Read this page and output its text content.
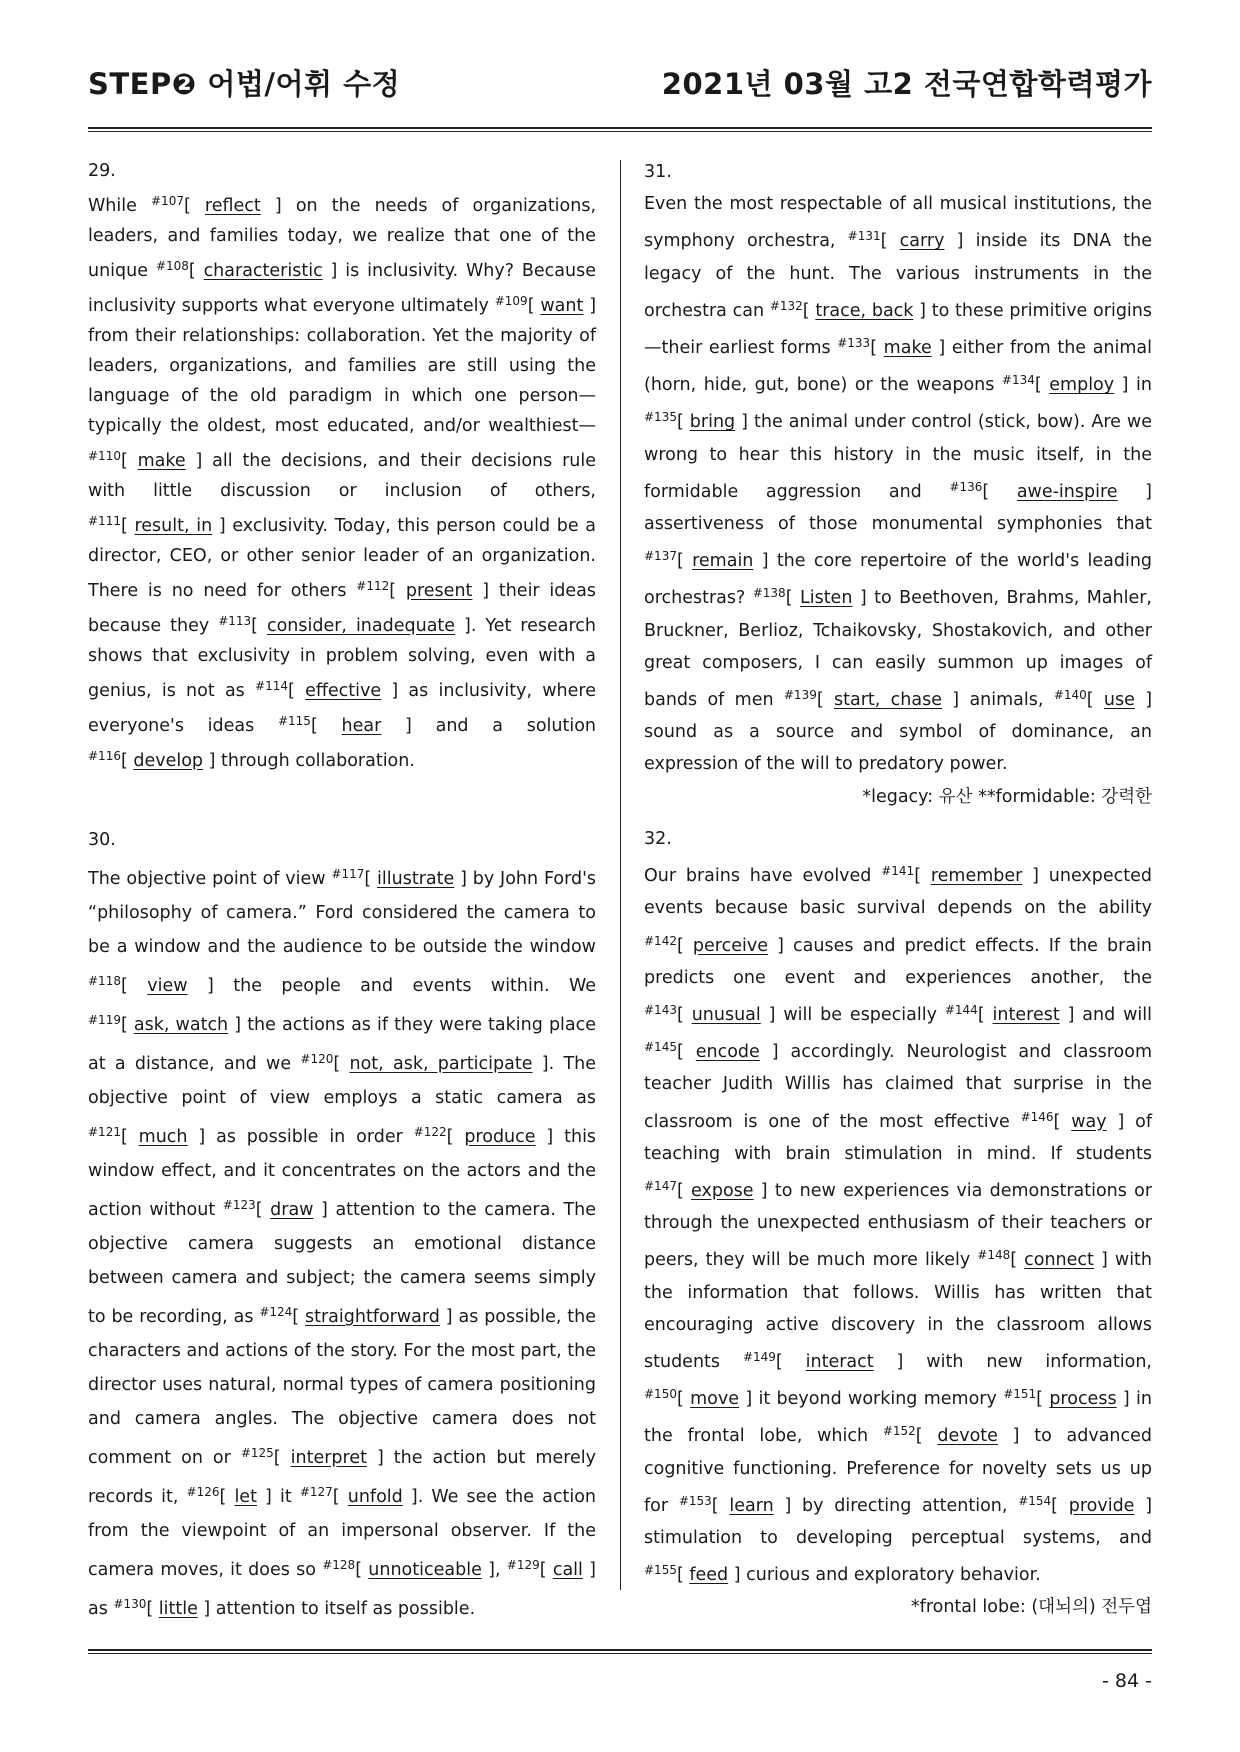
STEP❷ 어법/어휘 수정	2021년 03월 고2 전국연합학력평가
29.

While $^{\#107}$[ reflect ] on the needs of organizations, leaders, and families today, we realize that one of the unique $^{\#108}$[ characteristic ] is inclusivity. Why? Because inclusivity supports what everyone ultimately $^{\#109}$[ want ] from their relationships: collaboration. Yet the majority of leaders, organizations, and families are still using the language of the old paradigm in which one person—typically the oldest, most educated, and/or wealthiest—$^{\#110}$[ make ] all the decisions, and their decisions rule with little discussion or inclusion of others, $^{\#111}$[ result, in ] exclusivity. Today, this person could be a director, CEO, or other senior leader of an organization. There is no need for others $^{\#112}$[ present ] their ideas because they $^{\#113}$[ consider, inadequate ]. Yet research shows that exclusivity in problem solving, even with a genius, is not as $^{\#114}$[ effective ] as inclusivity, where everyone's ideas $^{\#115}$[ hear ] and a solution $^{\#116}$[ develop ] through collaboration.

30.

The objective point of view $^{\#117}$[ illustrate ] by John Ford's “philosophy of camera.” Ford considered the camera to be a window and the audience to be outside the window $^{\#118}$[ view ] the people and events within. We $^{\#119}$[ ask, watch ] the actions as if they were taking place at a distance, and we $^{\#120}$[ not, ask, participate ]. The objective point of view employs a static camera as $^{\#121}$[ much ] as possible in order $^{\#122}$[ produce ] this window effect, and it concentrates on the actors and the action without $^{\#123}$[ draw ] attention to the camera. The objective camera suggests an emotional distance between camera and subject; the camera seems simply to be recording, as $^{\#124}$[ straightforward ] as possible, the characters and actions of the story. For the most part, the director uses natural, normal types of camera positioning and camera angles. The objective camera does not comment on or $^{\#125}$[ interpret ] the action but merely records it, $^{\#126}$[ let ] it $^{\#127}$[ unfold ]. We see the action from the viewpoint of an impersonal observer. If the camera moves, it does so $^{\#128}$[ unnoticeable ], $^{\#129}$[ call ] as $^{\#130}$[ little ] attention to itself as possible.

31.

Even the most respectable of all musical institutions, the symphony orchestra, $^{\#131}$[ carry ] inside its DNA the legacy of the hunt. The various instruments in the orchestra can $^{\#132}$[ trace, back ] to these primitive origins—their earliest forms $^{\#133}$[ make ] either from the animal (horn, hide, gut, bone) or the weapons $^{\#134}$[ employ ] in $^{\#135}$[ bring ] the animal under control (stick, bow). Are we wrong to hear this history in the music itself, in the formidable aggression and $^{\#136}$[ awe-inspire ] assertiveness of those monumental symphonies that $^{\#137}$[ remain ] the core repertoire of the world's leading orchestras? $^{\#138}$[ Listen ] to Beethoven, Brahms, Mahler, Bruckner, Berlioz, Tchaikovsky, Shostakovich, and other great composers, I can easily summon up images of bands of men $^{\#139}$[ start, chase ] animals, $^{\#140}$[ use ] sound as a source and symbol of dominance, an expression of the will to predatory power.

*legacy: 유산 **formidable: 강력한
32.

Our brains have evolved $^{\#141}$[ remember ] unexpected events because basic survival depends on the ability $^{\#142}$[ perceive ] causes and predict effects. If the brain predicts one event and experiences another, the $^{\#143}$[ unusual ] will be especially $^{\#144}$[ interest ] and will $^{\#145}$[ encode ] accordingly. Neurologist and classroom teacher Judith Willis has claimed that surprise in the classroom is one of the most effective $^{\#146}$[ way ] of teaching with brain stimulation in mind. If students $^{\#147}$[ expose ] to new experiences via demonstrations or through the unexpected enthusiasm of their teachers or peers, they will be much more likely $^{\#148}$[ connect ] with the information that follows. Willis has written that encouraging active discovery in the classroom allows students $^{\#149}$[ interact ] with new information, $^{\#150}$[ move ] it beyond working memory $^{\#151}$[ process ] in the frontal lobe, which $^{\#152}$[ devote ] to advanced cognitive functioning. Preference for novelty sets us up for $^{\#153}$[ learn ] by directing attention, $^{\#154}$[ provide ] stimulation to developing perceptual systems, and $^{\#155}$[ feed ] curious and exploratory behavior.

*frontal lobe: (대뇌의) 전두엽
- 84 -
